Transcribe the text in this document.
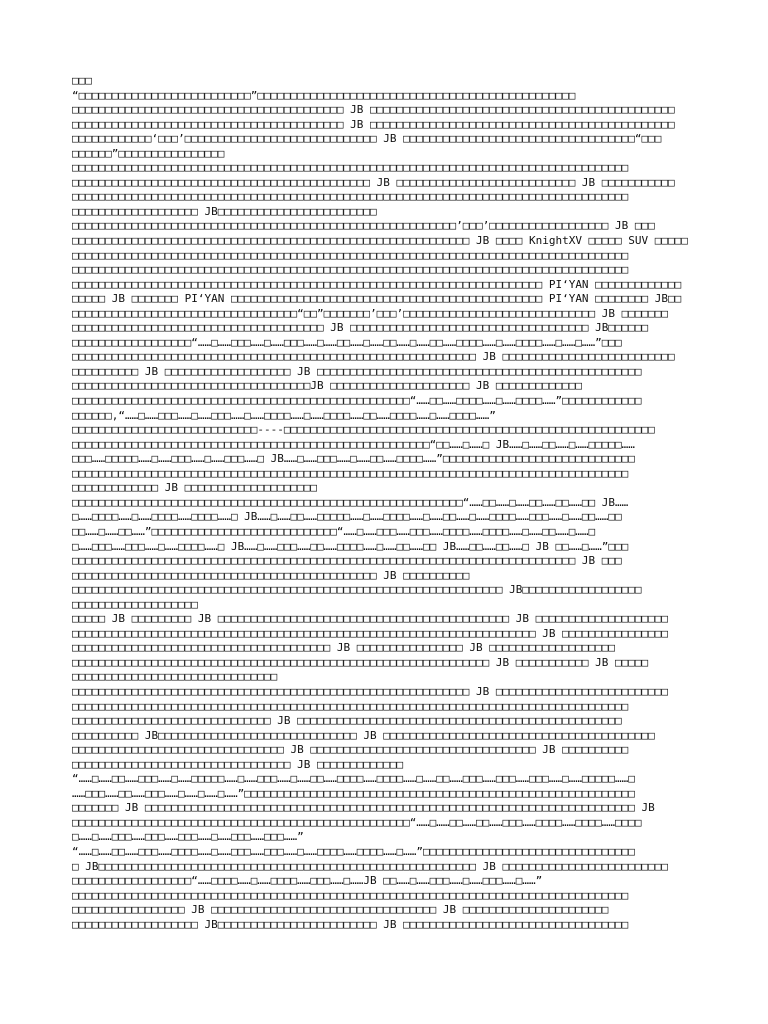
□□□
“□□□□□□□□□□□□□□□□□□□□□□□□□□”□□□□□□□□□□□□□□□□□□□□□□□□□□□□□□□□□□□□□□□□□□□□□□□□
□□□□□□□□□□□□□□□□□□□□□□□□□□□□□□□□□□□□□□□□□ JB □□□□□□□□□□□□□□□□□□□□□□□□□□□□□□□□□□□□□□□□□□□□□□
□□□□□□□□□□□□□□□□□□□□□□□□□□□□□□□□□□□□□□□□□ JB □□□□□□□□□□□□□□□□□□□□□□□□□□□□□□□□□□□□□□□□□□□□□□
□□□□□□□□□□□□‘□□□’□□□□□□□□□□□□□□□□□□□□□□□□□□□□□ JB □□□□□□□□□□□□□□□□□□□□□□□□□□□□□□□□□□□“□□□
□□□□□□”□□□□□□□□□□□□□□□□
□□□□□□□□□□□□□□□□□□□□□□□□□□□□□□□□□□□□□□□□□□□□□□□□□□□□□□□□□□□□□□□□□□□□□□□□□□□□□□□□□□□□
□□□□□□□□□□□□□□□□□□□□□□□□□□□□□□□□□□□□□□□□□□□□□ JB □□□□□□□□□□□□□□□□□□□□□□□□□□□ JB □□□□□□□□□□□
□□□□□□□□□□□□□□□□□□□□□□□□□□□□□□□□□□□□□□□□□□□□□□□□□□□□□□□□□□□□□□□□□□□□□□□□□□□□□□□□□□□□
□□□□□□□□□□□□□□□□□□□ JB□□□□□□□□□□□□□□□□□□□□□□□□
□□□□□□□□□□□□□□□□□□□□□□□□□□□□□□□□□□□□□□□□□□□□□□□□□□□□□□□□□□’□□□’□□□□□□□□□□□□□□□□□□ JB □□□
□□□□□□□□□□□□□□□□□□□□□□□□□□□□□□□□□□□□□□□□□□□□□□□□□□□□□□□□□□□□ JB □□□□ KnightXV □□□□□ SUV □□□□□
□□□□□□□□□□□□□□□□□□□□□□□□□□□□□□□□□□□□□□□□□□□□□□□□□□□□□□□□□□□□□□□□□□□□□□□□□□□□□□□□□□□□
□□□□□□□□□□□□□□□□□□□□□□□□□□□□□□□□□□□□□□□□□□□□□□□□□□□□□□□□□□□□□□□□□□□□□□□□□□□□□□□□□□□□
□□□□□□□□□□□□□□□□□□□□□□□□□□□□□□□□□□□□□□□□□□□□□□□□□□□□□□□□□□□□□□□□□□□□□□□ PI‘YAN □□□□□□□□□□□□□
□□□□□ JB □□□□□□□ PI‘YAN □□□□□□□□□□□□□□□□□□□□□□□□□□□□□□□□□□□□□□□□□□□□□□□ PI‘YAN □□□□□□□□ JB□□
□□□□□□□□□□□□□□□□□□□□□□□□□□□□□□□□□□“□□”□□□□□□□’□□□’□□□□□□□□□□□□□□□□□□□□□□□□□□□□□ JB □□□□□□□
□□□□□□□□□□□□□□□□□□□□□□□□□□□□□□□□□□□□□□ JB □□□□□□□□□□□□□□□□□□□□□□□□□□□□□□□□□□□□ JB□□□□□□
□□□□□□□□□□□□□□□□□□“……□……□□□……□……□□□……□……□□……□……□□……□……□□……□□□□……□……□□□□……□……□……”□□□
□□□□□□□□□□□□□□□□□□□□□□□□□□□□□□□□□□□□□□□□□□□□□□□□□□□□□□□□□□□□□ JB □□□□□□□□□□□□□□□□□□□□□□□□□□
□□□□□□□□□□ JB □□□□□□□□□□□□□□□□□□□ JB □□□□□□□□□□□□□□□□□□□□□□□□□□□□□□□□□□□□□□□□□□□□□□□□□
□□□□□□□□□□□□□□□□□□□□□□□□□□□□□□□□□□□□JB □□□□□□□□□□□□□□□□□□□□□ JB □□□□□□□□□□□□□
□□□□□□□□□□□□□□□□□□□□□□□□□□□□□□□□□□□□□□□□□□□□□□□□□□□“……□□……□□□□……□……□□□□……”□□□□□□□□□□□□
□□□□□□,“……□……□□□……□……□□□……□……□□□□……□……□□□□……□□……□□□□……□……□□□□……”
□□□□□□□□□□□□□□□□□□□□□□□□□□□□----□□□□□□□□□□□□□□□□□□□□□□□□□□□□□□□□□□□□□□□□□□□□□□□□□□□□□□□□
□□□□□□□□□□□□□□□□□□□□□□□□□□□□□□□□□□□□□□□□□□□□□□□□□□□□□□“□□……□……□ JB……□……□□……□……□□□□□……
□□□……□□□□□……□……□□□……□……□□□……□ JB……□……□□□……□……□□……□□□□……”□□□□□□□□□□□□□□□□□□□□□□□□□□□□□
□□□□□□□□□□□□□□□□□□□□□□□□□□□□□□□□□□□□□□□□□□□□□□□□□□□□□□□□□□□□□□□□□□□□□□□□□□□□□□□□□□□□
□□□□□□□□□□□□□ JB □□□□□□□□□□□□□□□□□□□□
□□□□□□□□□□□□□□□□□□□□□□□□□□□□□□□□□□□□□□□□□□□□□□□□□□□□□□□□□□□“……□□……□……□□……□□……□□ JB……
□……□□□□……□……□□□□……□□□□……□ JB……□……□□……□□□□□……□……□□□□……□……□□……□……□□□□……□□□……□……□□……□□
□□……□……□□……”□□□□□□□□□□□□□□□□□□□□□□□□□□□□“……□……□□□……□□□……□□□□……□□□□……□……□□……□……□
□……□□□……□□□……□……□□□□……□ JB……□……□□□……□□……□□□□……□……□□……□□ JB……□□……□□……□ JB □□……□……”□□□
□□□□□□□□□□□□□□□□□□□□□□□□□□□□□□□□□□□□□□□□□□□□□□□□□□□□□□□□□□□□□□□□□□□□□□□□□□□□ JB □□□
□□□□□□□□□□□□□□□□□□□□□□□□□□□□□□□□□□□□□□□□□□□□□□ JB □□□□□□□□□□
□□□□□□□□□□□□□□□□□□□□□□□□□□□□□□□□□□□□□□□□□□□□□□□□□□□□□□□□□□□□□□□□□ JB□□□□□□□□□□□□□□□□□□
□□□□□□□□□□□□□□□□□□□
□□□□□ JB □□□□□□□□□ JB □□□□□□□□□□□□□□□□□□□□□□□□□□□□□□□□□□□□□□□□□□□□ JB □□□□□□□□□□□□□□□□□□□□
□□□□□□□□□□□□□□□□□□□□□□□□□□□□□□□□□□□□□□□□□□□□□□□□□□□□□□□□□□□□□□□□□□□□□□ JB □□□□□□□□□□□□□□□□
□□□□□□□□□□□□□□□□□□□□□□□□□□□□□□□□□□□□□□□ JB □□□□□□□□□□□□□□□□ JB □□□□□□□□□□□□□□□□□□□
□□□□□□□□□□□□□□□□□□□□□□□□□□□□□□□□□□□□□□□□□□□□□□□□□□□□□□□□□□□□□□□ JB □□□□□□□□□□□ JB □□□□□
□□□□□□□□□□□□□□□□□□□□□□□□□□□□□□□
□□□□□□□□□□□□□□□□□□□□□□□□□□□□□□□□□□□□□□□□□□□□□□□□□□□□□□□□□□□□ JB □□□□□□□□□□□□□□□□□□□□□□□□□□
□□□□□□□□□□□□□□□□□□□□□□□□□□□□□□□□□□□□□□□□□□□□□□□□□□□□□□□□□□□□□□□□□□□□□□□□□□□□□□□□□□□□
□□□□□□□□□□□□□□□□□□□□□□□□□□□□□□ JB □□□□□□□□□□□□□□□□□□□□□□□□□□□□□□□□□□□□□□□□□□□□□□□□□
□□□□□□□□□□ JB□□□□□□□□□□□□□□□□□□□□□□□□□□□□□□ JB □□□□□□□□□□□□□□□□□□□□□□□□□□□□□□□□□□□□□□□□□
□□□□□□□□□□□□□□□□□□□□□□□□□□□□□□□□ JB □□□□□□□□□□□□□□□□□□□□□□□□□□□□□□□□□□ JB □□□□□□□□□□
□□□□□□□□□□□□□□□□□□□□□□□□□□□□□□□□□ JB □□□□□□□□□□□□□
“……□……□□……□□□……□……□□□□□……□……□□□……□……□□……□□□□……□□□□……□……□□……□□□……□□□……□□□……□……□□□□□……□
……□□□……□□……□□□……□……□……□……”□□□□□□□□□□□□□□□□□□□□□□□□□□□□□□□□□□□□□□□□□□□□□□□□□□□□□□□□□□□
□□□□□□□ JB □□□□□□□□□□□□□□□□□□□□□□□□□□□□□□□□□□□□□□□□□□□□□□□□□□□□□□□□□□□□□□□□□□□□□□□□□□ JB
□□□□□□□□□□□□□□□□□□□□□□□□□□□□□□□□□□□□□□□□□□□□□□□□□□□“……□……□□……□□……□□□……□□□□……□□□□……□□□□
□……□……□□□……□□□……□□□……□……□□□……□□□……”
“……□……□□……□□□……□□□□……□……□□□……□□□……□……□□□□……□□□□……□……”□□□□□□□□□□□□□□□□□□□□□□□□□□□□□□□□
□ JB□□□□□□□□□□□□□□□□□□□□□□□□□□□□□□□□□□□□□□□□□□□□□□□□□□□□□□□□□ JB □□□□□□□□□□□□□□□□□□□□□□□□□
□□□□□□□□□□□□□□□□□□“……□□□□……□……□□□□……□□□……□……JB □□……□……□□□……□……□□□……□……”
□□□□□□□□□□□□□□□□□□□□□□□□□□□□□□□□□□□□□□□□□□□□□□□□□□□□□□□□□□□□□□□□□□□□□□□□□□□□□□□□□□□□
□□□□□□□□□□□□□□□□□ JB □□□□□□□□□□□□□□□□□□□□□□□□□□□□□□□□□□ JB □□□□□□□□□□□□□□□□□□□□□□
□□□□□□□□□□□□□□□□□□□ JB□□□□□□□□□□□□□□□□□□□□□□□□ JB □□□□□□□□□□□□□□□□□□□□□□□□□□□□□□□□□□
